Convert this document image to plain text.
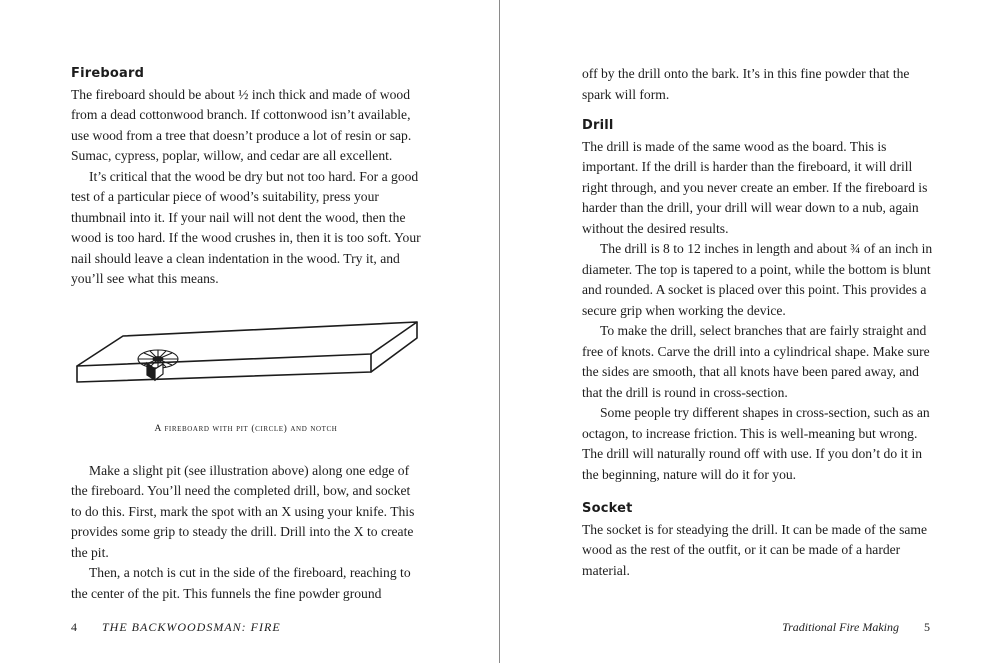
Fireboard

The fireboard should be about ½ inch thick and made of wood from a dead cottonwood branch. If cottonwood isn’t available, use wood from a tree that doesn’t produce a lot of resin or sap. Sumac, cypress, poplar, willow, and cedar are all excellent.

It’s critical that the wood be dry but not too hard. For a good test of a particular piece of wood’s suitability, press your thumbnail into it. If your nail will not dent the wood, then the wood is too hard. If the wood crushes in, then it is too soft. Your nail should leave a clean indentation in the wood. Try it, and you’ll see what this means.

A fireboard with pit (circle) and notch

Make a slight pit (see illustration above) along one edge of the fireboard. You’ll need the completed drill, bow, and socket to do this. First, mark the spot with an X using your knife. This provides some grip to steady the drill. Drill into the X to create the pit.

Then, a notch is cut in the side of the fireboard, reaching to the center of the pit. This funnels the fine powder ground

4 THE BACKWOODSMAN: FIRE

off by the drill onto the bark. It’s in this fine powder that the spark will form.

Drill

The drill is made of the same wood as the board. This is important. If the drill is harder than the fireboard, it will drill right through, and you never create an ember. If the fireboard is harder than the drill, your drill will wear down to a nub, again without the desired results.

The drill is 8 to 12 inches in length and about ¾ of an inch in diameter. The top is tapered to a point, while the bottom is blunt and rounded. A socket is placed over this point. This provides a secure grip when working the device.

To make the drill, select branches that are fairly straight and free of knots. Carve the drill into a cylindrical shape. Make sure the sides are smooth, that all knots have been pared away, and that the drill is round in cross-section.

Some people try different shapes in cross-section, such as an octagon, to increase friction. This is well-meaning but wrong. The drill will naturally round off with use. If you don’t do it in the beginning, nature will do it for you.

Socket

The socket is for steadying the drill. It can be made of the same wood as the rest of the outfit, or it can be made of a harder material.

Traditional Fire Making 5
